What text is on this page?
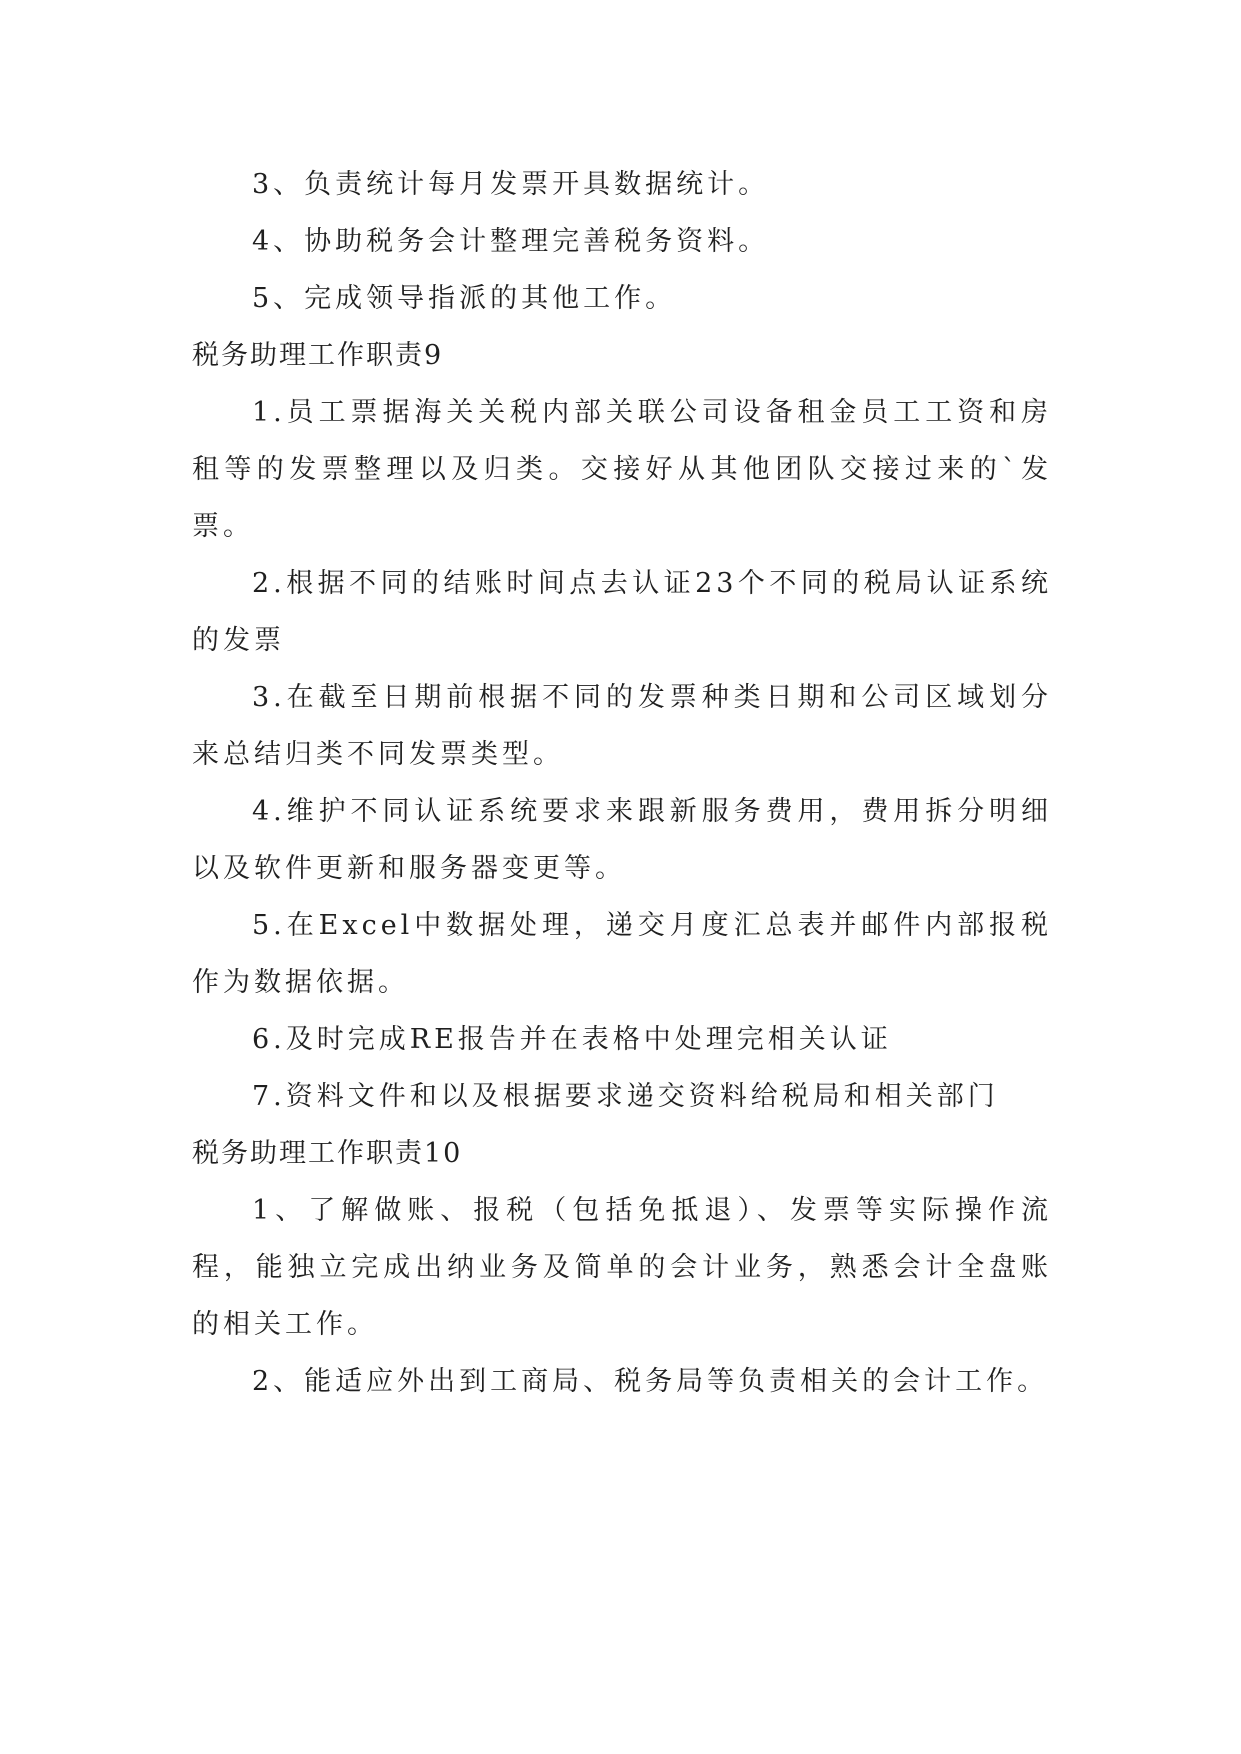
3、负责统计每月发票开具数据统计。

4、协助税务会计整理完善税务资料。

5、完成领导指派的其他工作。

税务助理工作职责9

1.员工票据海关关税内部关联公司设备租金员工工资和房租等的发票整理以及归类。交接好从其他团队交接过来的`发票。

2.根据不同的结账时间点去认证23个不同的税局认证系统的发票

3.在截至日期前根据不同的发票种类日期和公司区域划分来总结归类不同发票类型。

4.维护不同认证系统要求来跟新服务费用，费用拆分明细以及软件更新和服务器变更等。

5.在Excel中数据处理，递交月度汇总表并邮件内部报税作为数据依据。

6.及时完成RE报告并在表格中处理完相关认证

7.资料文件和以及根据要求递交资料给税局和相关部门

税务助理工作职责10

1、了解做账、报税（包括免抵退）、发票等实际操作流程，能独立完成出纳业务及简单的会计业务，熟悉会计全盘账的相关工作。

2、能适应外出到工商局、税务局等负责相关的会计工作。
